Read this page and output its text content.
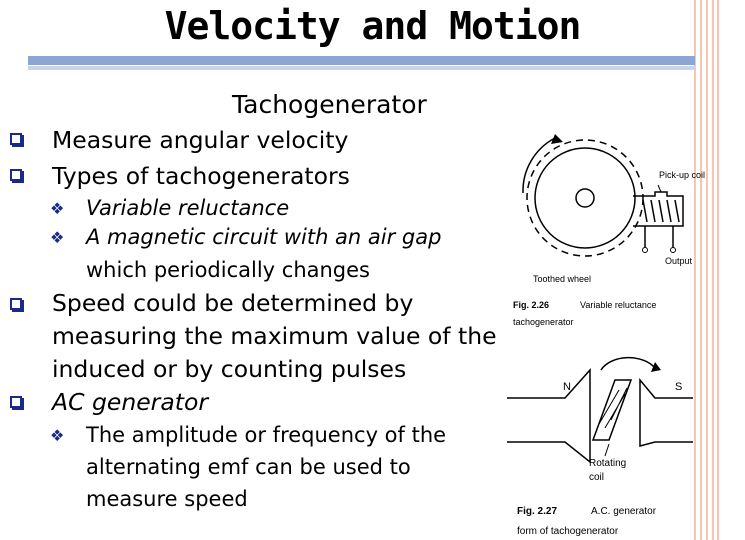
Velocity and Motion
Tachogenerator
Measure angular velocity
Types of tachogenerators
❖ Variable reluctance
❖ A magnetic circuit with an air gap
which periodically changes
Speed could be determined by
measuring the maximum value of the
induced or by counting pulses
AC generator
❖ The amplitude or frequency of the
alternating emf can be used to
measure speed
Pick-up coil
Output
Toothed wheel
Fig. 2.26	Variable reluctance
tachogenerator
N	S
Rotating
coil
Fig. 2.27	A.C. generator
form of tachogenerator
